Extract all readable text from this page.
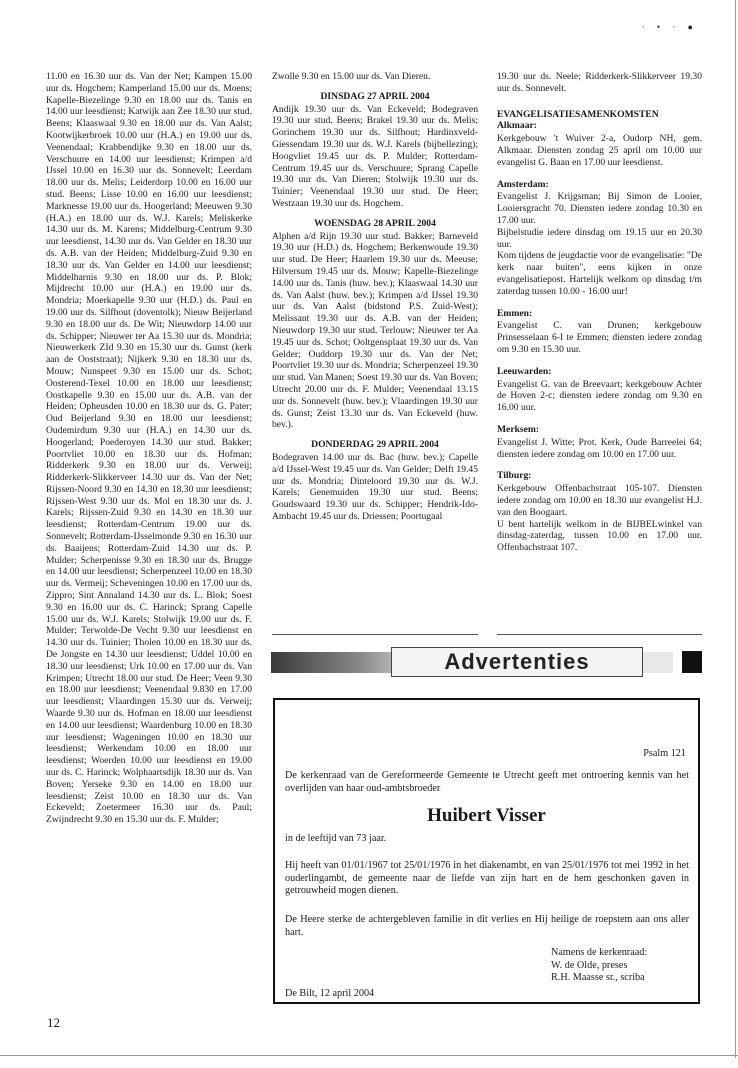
· • · ●

11.00 en 16.30 uur ds. Van der Net; Kampen 15.00 uur ds. Hogchem; Kamperland 15.00 uur ds. Moens; Kapelle-Biezelinge 9.30 en 18.00 uur ds. Tanis en 14.00 uur leesdienst; Katwijk aan Zee 18.30 uur stud. Beens; Klaaswaal 9.30 en 18.00 uur ds. Van Aalst; Kootwijkerbroek 10.00 uur (H.A.) en 19.00 uur ds. Veenendaal; Krabbendijke 9.30 en 18.00 uur ds. Verschuure en 14.00 uur leesdienst; Krimpen a/d IJssel 10.00 en 16.30 uur ds. Sonnevelt; Leerdam 18.00 uur ds. Melis; Leiderdorp 10.00 en 16.00 uur stud. Beens; Lisse 10.00 en 16.00 uur leesdienst; Marknesse 19.00 uur ds. Hoogerland; Meeuwen 9.30 (H.A.) en 18.00 uur ds. W.J. Karels; Meliskerke 14.30 uur ds. M. Karens; Middelburg-Centrum 9.30 uur leesdienst, 14.30 uur ds. Van Gelder en 18.30 uur ds. A.B. van der Heiden; Middelburg-Zuid 9.30 en 18.30 uur ds. Van Gelder en 14.00 uur leesdienst; Middelharnis 9.30 en 18.00 uur ds. P. Blok; Mijdrecht 10.00 uur (H.A.) en 19.00 uur ds. Mondria; Moerkapelle 9.30 uur (H.D.) ds. Paul en 19.00 uur ds. Silfhout (doventolk); Nieuw Beijerland 9.30 en 18.00 uur ds. De Wit; Nieuwdorp 14.00 uur ds. Schipper; Nieuwer ter Aa 15.30 uur ds. Mondria; Nieuwerkerk ZId 9.30 en 15.30 uur ds. Gunst (kerk aan de Ooststraat); Nijkerk 9.30 en 18.30 uur ds. Mouw; Nunspeet 9.30 en 15.00 uur ds. Schot; Oosterend-Texel 10.00 en 18.00 uur leesdienst; Oostkapelle 9.30 en 15.00 uur ds. A.B. van der Heiden; Opheusden 10.00 en 18.30 uur ds. G. Pater; Oud Beijerland 9.30 en 18.00 uur leesdienst; Oudemirdum 9.30 uur (H.A.) en 14.30 uur ds. Hoogerland; Poederoyen 14.30 uur stud. Bakker; Poortvliet 10.00 en 18.30 uur ds. Hofman; Ridderkerk 9.30 en 18.00 uur ds. Verweij; Ridderkerk-Slikkerveer 14.30 uur ds. Van der Net; Rijssen-Noord 9.30 en 14.30 en 18.30 uur leesdienst; Rijssen-West 9.30 uur ds. Mol en 18.30 uur ds. J. Karels; Rijssen-Zuid 9.30 en 14.30 en 18.30 uur leesdienst; Rotterdam-Centrum 19.00 uur ds. Sonnevelt; Rotterdam-IJsselmonde 9.30 en 16.30 uur ds. Baaijens; Rotterdam-Zuid 14.30 uur ds. P. Mulder; Scherpenisse 9.30 en 18.30 uur ds. Brugge en 14.00 uur leesdienst; Scherpenzeel 10.00 en 18.30 uur ds. Vermeij; Scheveningen 10.00 en 17.00 uur ds. Zippro; Sint Annaland 14.30 uur ds. L. Blok; Soest 9.30 en 16.00 uur ds. C. Harinck; Sprang Capelle 15.00 uur ds. W.J. Karels; Stolwijk 19.00 uur ds. F. Mulder; Terwolde-De Vecht 9.30 uur leesdienst en 14.30 uur ds. Tuinier; Tholen 10.00 en 18.30 uur ds. De Jongste en 14.30 uur leesdienst; Uddel 10.00 en 18.30 uur leesdienst; Urk 10.00 en 17.00 uur ds. Van Krimpen; Utrecht 18.00 uur stud. De Heer; Veen 9.30 en 18.00 uur leesdienst; Veenendaal 9.830 en 17.00 uur leesdienst; Vlaardingen 15.30 uur ds. Verweij; Waarde 9.30 uur ds. Hofman en 18.00 uur leesdienst en 14.00 uur leesdienst; Waardenburg 10.00 en 18.30 uur leesdienst; Wageningen 10.00 en 18.30 uur leesdienst; Werkendam 10.00 en 18.00 uur leesdienst; Woerden 10.00 uur leesdienst en 19.00 uur ds. C. Harinck; Wolphaartsdijk 18.30 uur ds. Van Boven; Yerseke 9.30 en 14.00 en 18.00 uur leesdienst; Zeist 10.00 en 18.30 uur ds. Van Eckeveld; Zoetermeer 16.30 uur ds. Paul; Zwijndrecht 9.30 en 15.30 uur ds. F. Mulder;

Zwolle 9.30 en 15.00 uur ds. Van Dieren.

DINSDAG 27 APRIL 2004

Andijk 19.30 uur ds. Van Eckeveld; Bodegraven 19.30 uur stud. Beens; Brakel 19.30 uur ds. Melis; Gorinchem 19.30 uur ds. Silfhout; Hardinxveld-Giessendam 19.30 uur ds. W.J. Karels (bijbellezing); Hoogvliet 19.45 uur ds. P. Mulder; Rotterdam-Centrum 19.45 uur ds. Verschuure; Sprang Capelle 19.30 uur ds. Van Dieren; Stolwijk 19.30 uur ds. Tuinier; Veenendaal 19.30 uur stud. De Heer; Westzaan 19.30 uur ds. Hogchem.

WOENSDAG 28 APRIL 2004

Alphen a/d Rijn 19.30 uur stud. Bakker; Barneveld 19.30 uur (H.D.) ds. Hogchem; Berkenwoude 19.30 uur stud. De Heer; Haarlem 19.30 uur ds. Meeuse; Hilversum 19.45 uur ds. Mouw; Kapelle-Biezelinge 14.00 uur ds. Tanis (huw. bev.); Klaaswaal 14.30 uur ds. Van Aalst (huw. bev.); Krimpen a/d IJssel 19.30 uur ds. Van Aalst (bidstond P.S. Zuid-West); Melissant 19.30 uur ds. A.B. van der Heiden; Nieuwdorp 19.30 uur stud. Terlouw; Nieuwer ter Aa 19.45 uur ds. Schot; Ooltgensplaat 19.30 uur ds. Van Gelder; Ouddorp 19.30 uur ds. Van der Net; Poortvliet 19.30 uur ds. Mondria; Scherpenzeel 19.30 uur stud. Van Manen; Soest 19.30 uur ds. Van Boven; Utrecht 20.00 uur ds. F. Mulder; Veenendaal 13.15 uur ds. Sonnevelt (huw. bev.); Vlaardingen 19.30 uur ds. Gunst; Zeist 13.30 uur ds. Van Eckeveld (huw. bev.).

DONDERDAG 29 APRIL 2004

Bodegraven 14.00 uur ds. Bac (huw. bev.); Capelle a/d IJssel-West 19.45 uur ds. Van Gelder; Delft 19.45 uur ds. Mondria; Dinteloord 19.30 uur ds. W.J. Karels; Genemuiden 19.30 uur stud. Beens; Goudswaard 19.30 uur ds. Schipper; Hendrik-Ido-Ambacht 19.45 uur ds. Driessen; Poortugaal

19.30 uur ds. Neele; Ridderkerk-Slikkerveer 19.30 uur ds. Sonnevelt.

EVANGELISATIESAMENKOMSTEN
Alkmaar:

Kerkgebouw 't Wuiver 2-a, Oudorp NH, gem. Alkmaar. Diensten zondag 25 april om 10.00 uur evangelist G. Baan en 17.00 uur leesdienst.

Amsterdam:

Evangelist J. Krijgsman; Bij Simon de Looier, Looiersgracht 70. Diensten iedere zondag 10.30 en 17.00 uur.

Bijbelstudie iedere dinsdag om 19.15 uur en 20.30 uur.

Kom tijdens de jeugdactie voor de evangelisatie: "De kerk naar buiten", eens kijken in onze evangelisatiepost. Hartelijk welkom op dinsdag t/m zaterdag tussen 10.00 - 16.00 uur!

Emmen:

Evangelist C. van Drunen; kerkgebouw Prinsesselaan 6-I te Emmen; diensten iedere zondag om 9.30 en 15.30 uur.

Leeuwarden:

Evangelist G. van de Breevaart; kerkgebouw Achter de Hoven 2-c; diensten iedere zondag om 9.30 en 16.00 uur.

Merksem:

Evangelist J. Witte; Prot. Kerk, Oude Barreelei 64; diensten iedere zondag om 10.00 en 17.00 uur.

Tilburg:

Kerkgebouw Offenbachstraat 105-107. Diensten iedere zondag om 10.00 en 18.30 uur evangelist H.J. van den Boogaart.

U bent hartelijk welkom in de BIJBELwinkel van dinsdag-zaterdag, tussen 10.00 en 17.00 uur. Offenbachstraat 107.

Advertenties
Psalm 121
De kerkenraad van de Gereformeerde Gemeente te Utrecht geeft met ontroering kennis van het overlijden van haar oud-ambtsbroeder
Huibert Visser
in de leeftijd van 73 jaar.
Hij heeft van 01/01/1967 tot 25/01/1976 in het diakenambt, en van 25/01/1976 tot mei 1992 in het ouderlingambt, de gemeente naar de liefde van zijn hart en de hem geschonken gaven in getrouwheid mogen dienen.
De Heere sterke de achtergebleven familie in dit verlies en Hij heilige de roepstem aan ons aller hart.
Namens de kerkenraad:
W. de Olde, preses
R.H. Maasse sr., scriba
De Bilt, 12 april 2004
12
